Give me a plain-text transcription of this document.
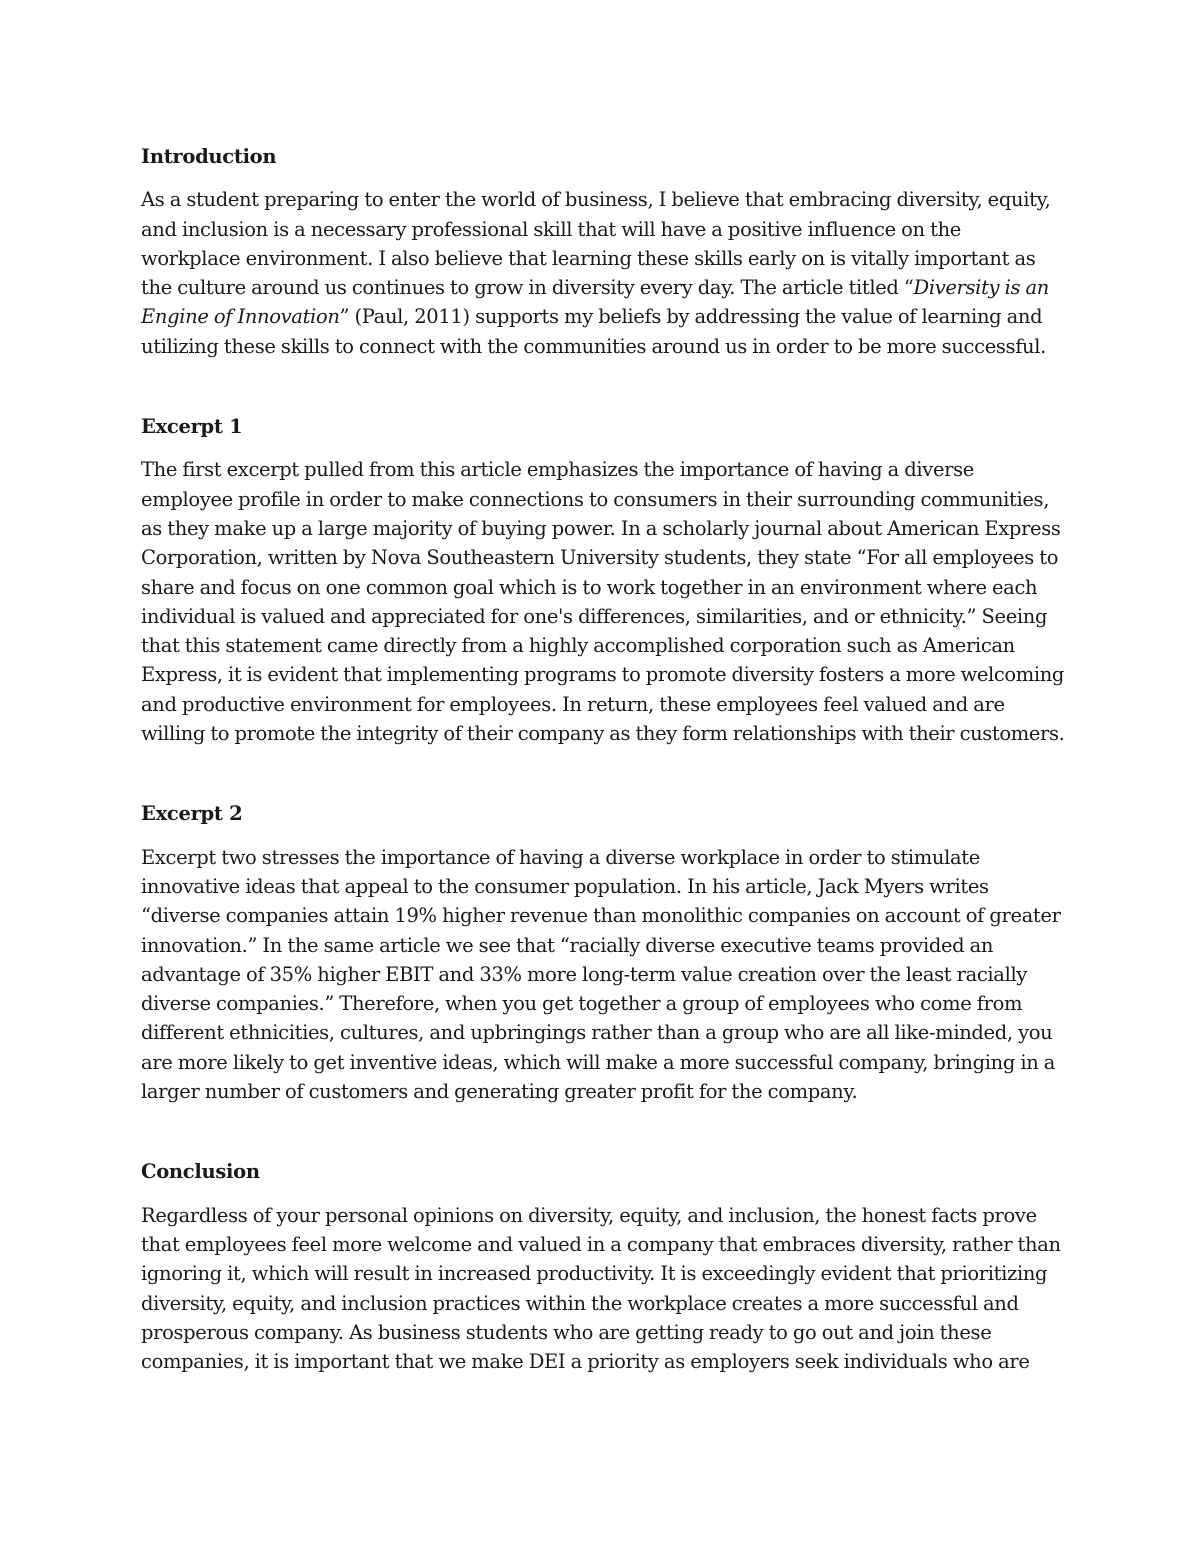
Introduction
As a student preparing to enter the world of business, I believe that embracing diversity, equity,
and inclusion is a necessary professional skill that will have a positive influence on the
workplace environment. I also believe that learning these skills early on is vitally important as
the culture around us continues to grow in diversity every day. The article titled “Diversity is an
Engine of Innovation” (Paul, 2011) supports my beliefs by addressing the value of learning and
utilizing these skills to connect with the communities around us in order to be more successful.
Excerpt 1
The first excerpt pulled from this article emphasizes the importance of having a diverse
employee profile in order to make connections to consumers in their surrounding communities,
as they make up a large majority of buying power. In a scholarly journal about American Express
Corporation, written by Nova Southeastern University students, they state “For all employees to
share and focus on one common goal which is to work together in an environment where each
individual is valued and appreciated for one's differences, similarities, and or ethnicity.” Seeing
that this statement came directly from a highly accomplished corporation such as American
Express, it is evident that implementing programs to promote diversity fosters a more welcoming
and productive environment for employees. In return, these employees feel valued and are
willing to promote the integrity of their company as they form relationships with their customers.
Excerpt 2
Excerpt two stresses the importance of having a diverse workplace in order to stimulate
innovative ideas that appeal to the consumer population. In his article, Jack Myers writes
“diverse companies attain 19% higher revenue than monolithic companies on account of greater
innovation.” In the same article we see that “racially diverse executive teams provided an
advantage of 35% higher EBIT and 33% more long-term value creation over the least racially
diverse companies.” Therefore, when you get together a group of employees who come from
different ethnicities, cultures, and upbringings rather than a group who are all like-minded, you
are more likely to get inventive ideas, which will make a more successful company, bringing in a
larger number of customers and generating greater profit for the company.
Conclusion
Regardless of your personal opinions on diversity, equity, and inclusion, the honest facts prove
that employees feel more welcome and valued in a company that embraces diversity, rather than
ignoring it, which will result in increased productivity. It is exceedingly evident that prioritizing
diversity, equity, and inclusion practices within the workplace creates a more successful and
prosperous company. As business students who are getting ready to go out and join these
companies, it is important that we make DEI a priority as employers seek individuals who are
